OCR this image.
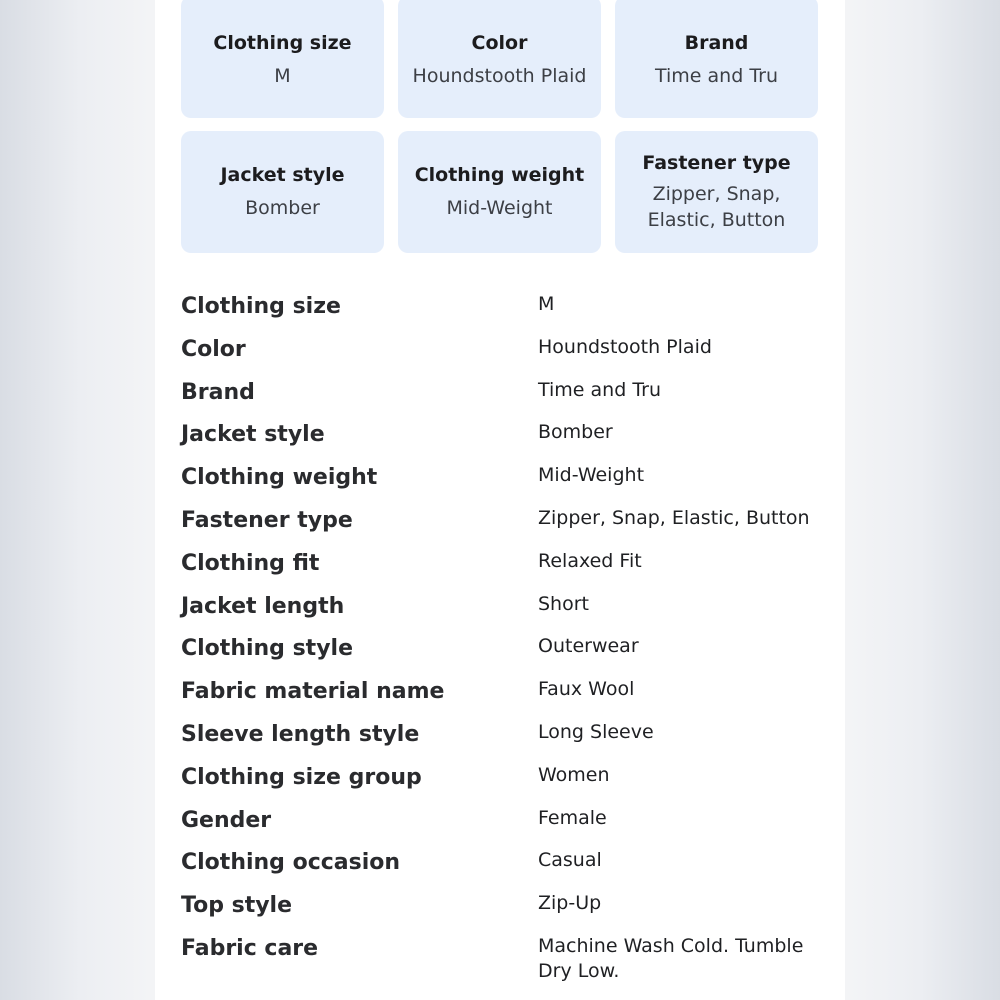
Clothing size
M
Color
Houndstooth Plaid
Brand
Time and Tru
Jacket style
Bomber
Clothing weight
Mid-Weight
Fastener type
Zipper, Snap, Elastic, Button
Clothing size	M
Color	Houndstooth Plaid
Brand	Time and Tru
Jacket style	Bomber
Clothing weight	Mid-Weight
Fastener type	Zipper, Snap, Elastic, Button
Clothing fit	Relaxed Fit
Jacket length	Short
Clothing style	Outerwear
Fabric material name	Faux Wool
Sleeve length style	Long Sleeve
Clothing size group	Women
Gender	Female
Clothing occasion	Casual
Top style	Zip-Up
Fabric care	Machine Wash Cold. Tumble Dry Low.
